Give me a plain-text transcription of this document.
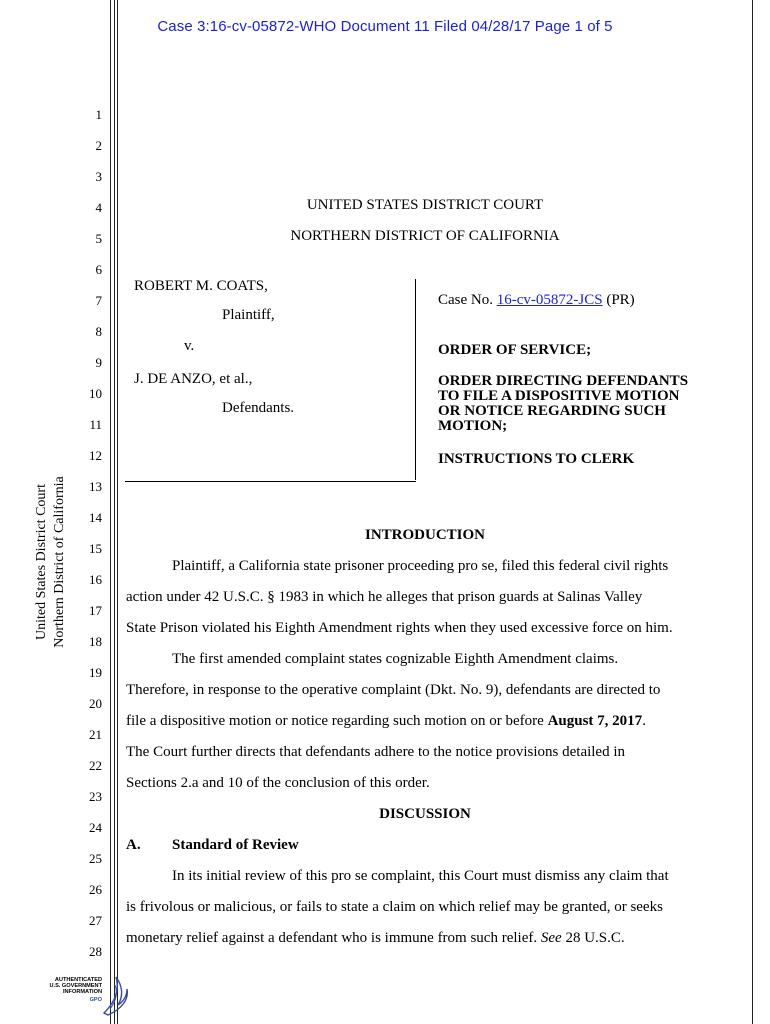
Case 3:16-cv-05872-WHO Document 11 Filed 04/28/17 Page 1 of 5
United States District Court Northern District of California
1
2
3
4
5
6
7
8
9
10
11
12
13
14
15
16
17
18
19
20
21
22
23
24
25
26
27
28
UNITED STATES DISTRICT COURT
NORTHERN DISTRICT OF CALIFORNIA
ROBERT M. COATS,
Plaintiff,
v.
J. DE ANZO, et al.,
Defendants.
Case No. 16-cv-05872-JCS (PR)
ORDER OF SERVICE;
ORDER DIRECTING DEFENDANTS
TO FILE A DISPOSITIVE MOTION
OR NOTICE REGARDING SUCH
MOTION;
INSTRUCTIONS TO CLERK
INTRODUCTION
Plaintiff, a California state prisoner proceeding pro se, filed this federal civil rights
action under 42 U.S.C. § 1983 in which he alleges that prison guards at Salinas Valley
State Prison violated his Eighth Amendment rights when they used excessive force on him.
The first amended complaint states cognizable Eighth Amendment claims.
Therefore, in response to the operative complaint (Dkt. No. 9), defendants are directed to
file a dispositive motion or notice regarding such motion on or before August 7, 2017.
The Court further directs that defendants adhere to the notice provisions detailed in
Sections 2.a and 10 of the conclusion of this order.
DISCUSSION
A. Standard of Review
In its initial review of this pro se complaint, this Court must dismiss any claim that
is frivolous or malicious, or fails to state a claim on which relief may be granted, or seeks
monetary relief against a defendant who is immune from such relief. See 28 U.S.C.
AUTHENTICATED
U.S. GOVERNMENT
INFORMATION
GPO
